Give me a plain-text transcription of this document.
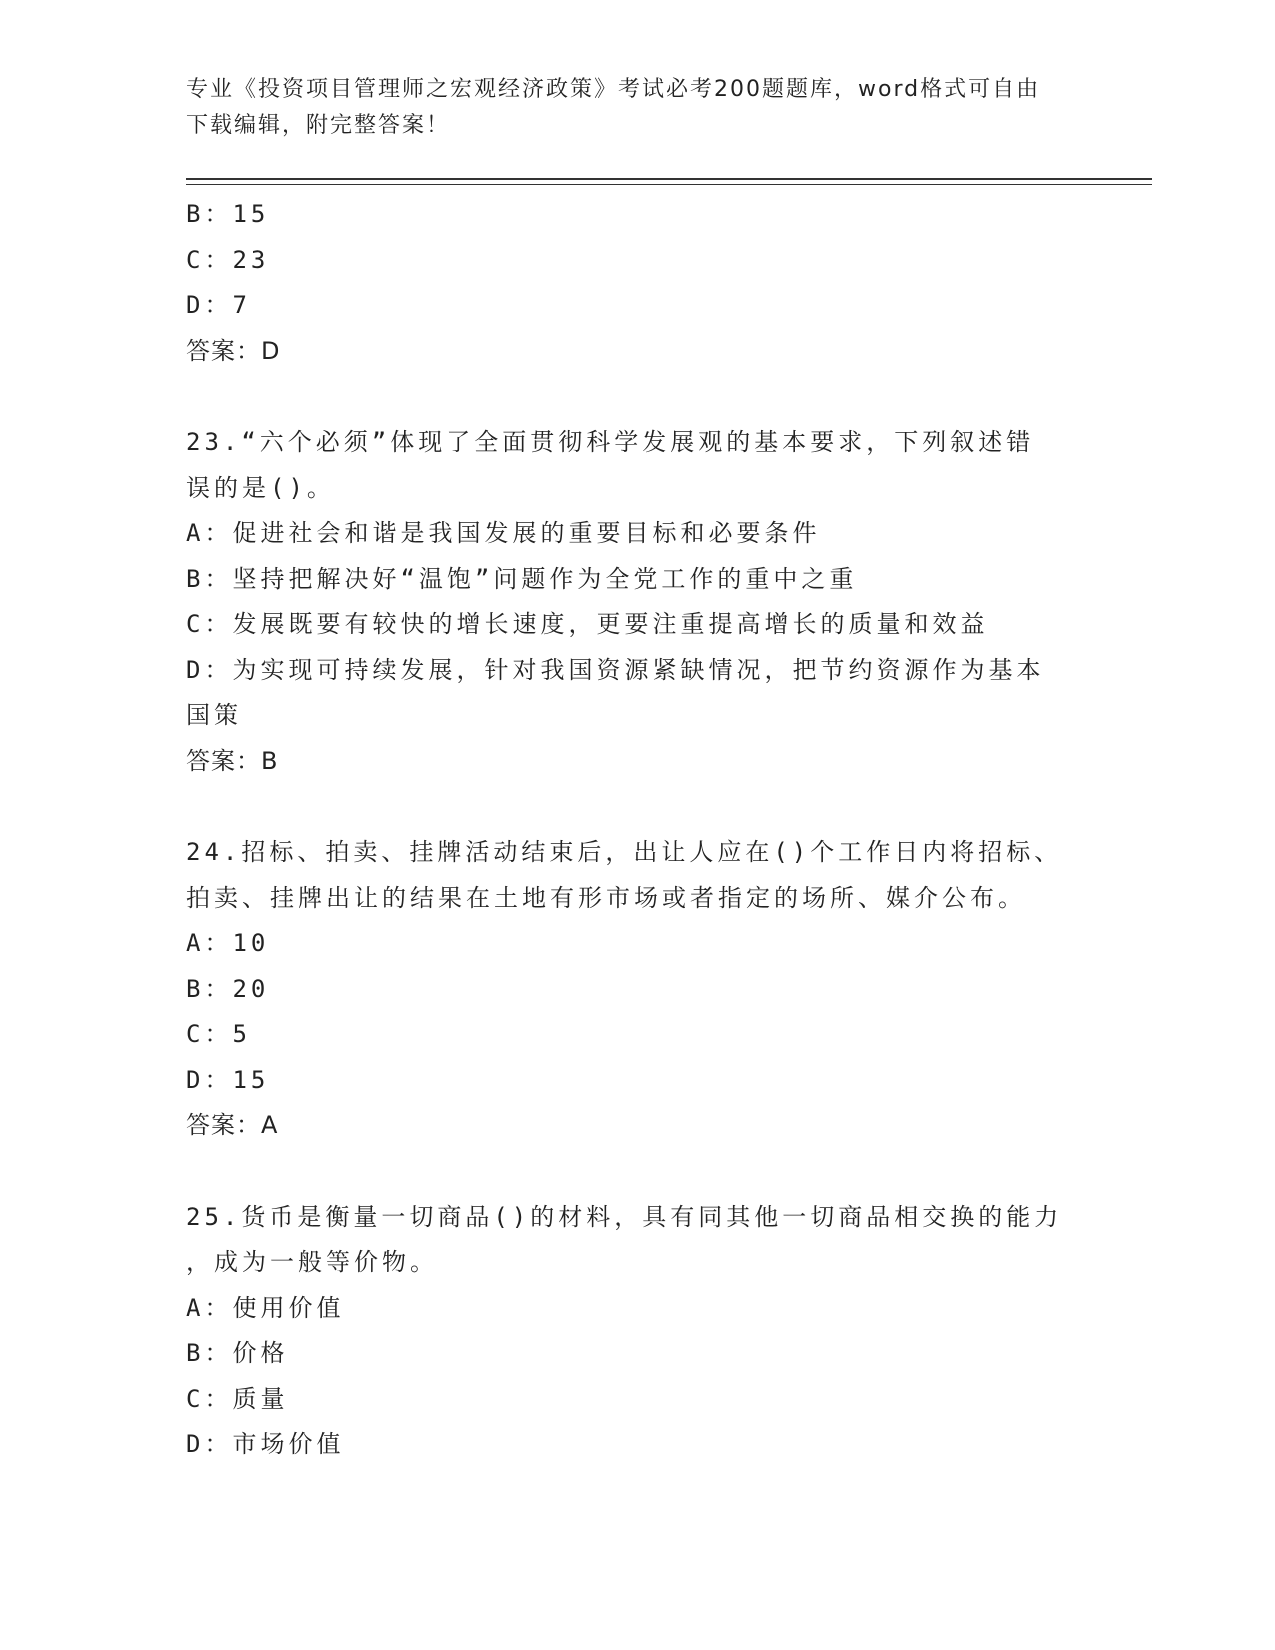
专业《投资项目管理师之宏观经济政策》考试必考200题题库，word格式可自由
下载编辑，附完整答案！
B：15
C：23
D：7
答案：D
23.“六个必须”体现了全面贯彻科学发展观的基本要求，下列叙述错
误的是()。
A：促进社会和谐是我国发展的重要目标和必要条件
B：坚持把解决好“温饱”问题作为全党工作的重中之重
C：发展既要有较快的增长速度，更要注重提高增长的质量和效益
D：为实现可持续发展，针对我国资源紧缺情况，把节约资源作为基本
国策
答案：B
24.招标、拍卖、挂牌活动结束后，出让人应在()个工作日内将招标、
拍卖、挂牌出让的结果在土地有形市场或者指定的场所、媒介公布。
A：10
B：20
C：5
D：15
答案：A
25.货币是衡量一切商品()的材料，具有同其他一切商品相交换的能力
，成为一般等价物。
A：使用价值
B：价格
C：质量
D：市场价值
